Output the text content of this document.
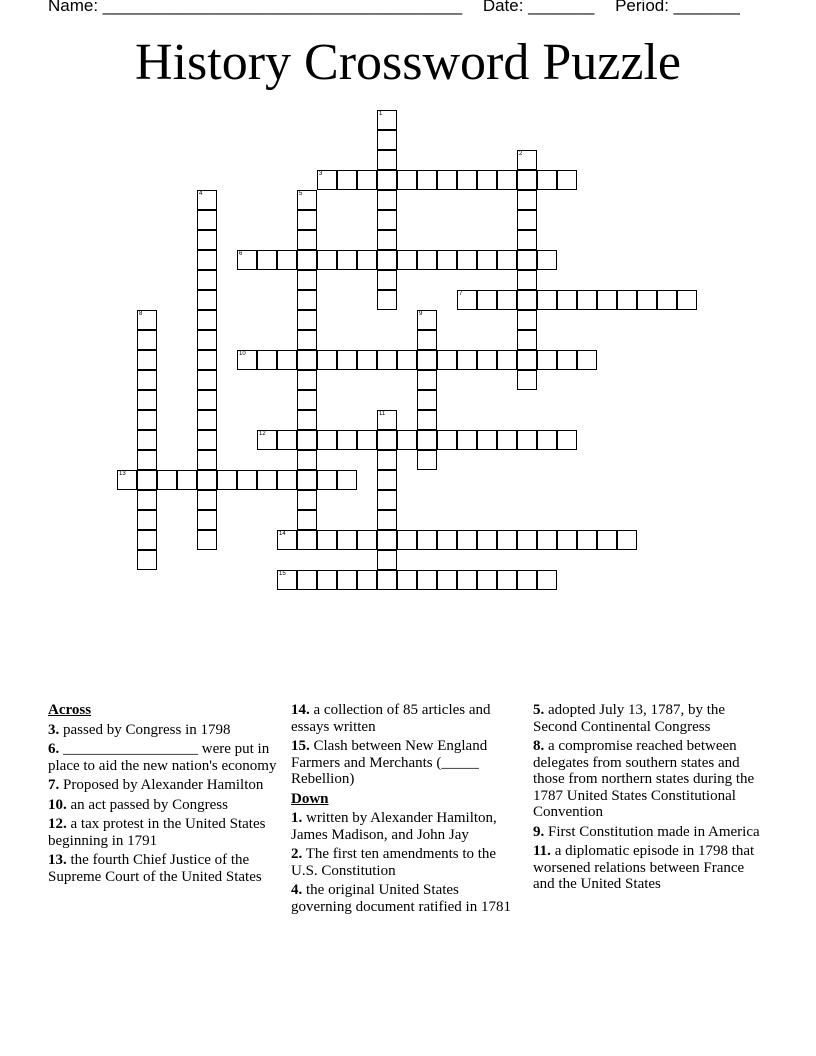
Name: ______________________________________ Date: _______ Period: _______
History Crossword Puzzle
1
2
3
4	5
6
7
8	9
10
11
12
13
14
15
Across
3. passed by Congress in 1798
6. __________________ were put in place to aid the new nation's economy
7. Proposed by Alexander Hamilton
10. an act passed by Congress
12. a tax protest in the United States beginning in 1791
13. the fourth Chief Justice of the Supreme Court of the United States
14. a collection of 85 articles and essays written
15. Clash between New England Farmers and Merchants (_____ Rebellion)
Down
1. written by Alexander Hamilton, James Madison, and John Jay
2. The first ten amendments to the U.S. Constitution
4. the original United States governing document ratified in 1781
5. adopted July 13, 1787, by the Second Continental Congress
8. a compromise reached between delegates from southern states and those from northern states during the 1787 United States Constitutional Convention
9. First Constitution made in America
11. a diplomatic episode in 1798 that worsened relations between France and the United States
